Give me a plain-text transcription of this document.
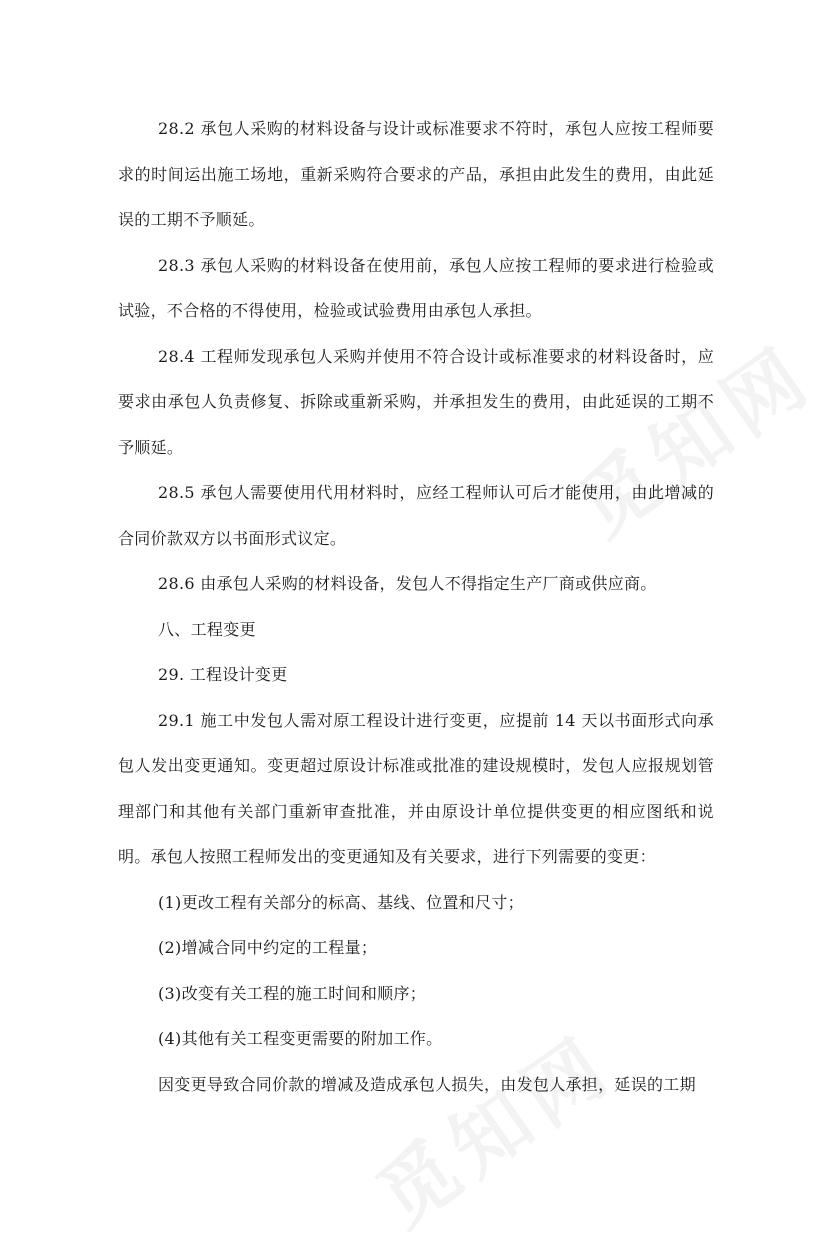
28.2 承包人采购的材料设备与设计或标准要求不符时，承包人应按工程师要求的时间运出施工场地，重新采购符合要求的产品，承担由此发生的费用，由此延误的工期不予顺延。

28.3 承包人采购的材料设备在使用前，承包人应按工程师的要求进行检验或试验，不合格的不得使用，检验或试验费用由承包人承担。

28.4 工程师发现承包人采购并使用不符合设计或标准要求的材料设备时，应要求由承包人负责修复、拆除或重新采购，并承担发生的费用，由此延误的工期不予顺延。

28.5 承包人需要使用代用材料时，应经工程师认可后才能使用，由此增减的合同价款双方以书面形式议定。

28.6 由承包人采购的材料设备，发包人不得指定生产厂商或供应商。

八、工程变更

29. 工程设计变更

29.1 施工中发包人需对原工程设计进行变更，应提前 14 天以书面形式向承包人发出变更通知。变更超过原设计标准或批准的建设规模时，发包人应报规划管理部门和其他有关部门重新审查批准，并由原设计单位提供变更的相应图纸和说明。承包人按照工程师发出的变更通知及有关要求，进行下列需要的变更：

(1)更改工程有关部分的标高、基线、位置和尺寸；

(2)增减合同中约定的工程量；

(3)改变有关工程的施工时间和顺序；

(4)其他有关工程变更需要的附加工作。

因变更导致合同价款的增减及造成承包人损失，由发包人承担，延误的工期
